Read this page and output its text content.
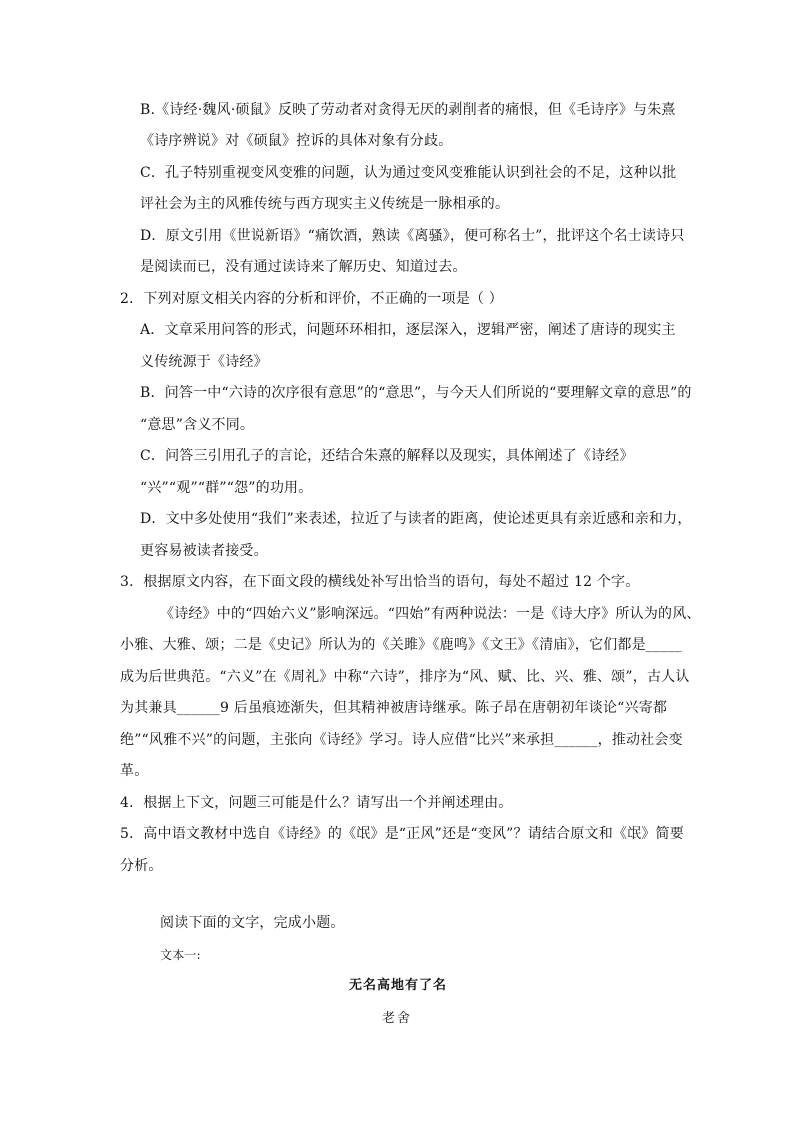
B.《诗经·魏风·硕鼠》反映了劳动者对贪得无厌的剥削者的痛恨，但《毛诗序》与朱熹
《诗序辨说》对《硕鼠》控诉的具体对象有分歧。
C．孔子特别重视变风变雅的问题，认为通过变风变雅能认识到社会的不足，这种以批
评社会为主的风雅传统与西方现实主义传统是一脉相承的。
D．原文引用《世说新语》“痛饮酒，熟读《离骚》，便可称名士”，批评这个名士读诗只
是阅读而已，没有通过读诗来了解历史、知道过去。
2．下列对原文相关内容的分析和评价，不正确的一项是（ ）
A．文章采用问答的形式，问题环环相扣，逐层深入，逻辑严密，阐述了唐诗的现实主
义传统源于《诗经》
B．问答一中“六诗的次序很有意思”的“意思”，与今天人们所说的“要理解文章的意思”的
“意思”含义不同。
C．问答三引用孔子的言论，还结合朱熹的解释以及现实，具体阐述了《诗经》
“兴”“观”“群”“怨”的功用。
D．文中多处使用“我们”来表述，拉近了与读者的距离，使论述更具有亲近感和亲和力，
更容易被读者接受。
3．根据原文内容，在下面文段的横线处补写出恰当的语句，每处不超过 12 个字。
《诗经》中的“四始六义”影响深远。“四始”有两种说法：一是《诗大序》所认为的风、
小雅、大雅、颂；二是《史记》所认为的《关雎》《鹿鸣》《文王》《清庙》，它们都是_____
成为后世典范。“六义”在《周礼》中称“六诗”，排序为“风、赋、比、兴、雅、颂”，古人认
为其兼具______9 后虽痕迹渐失，但其精神被唐诗继承。陈子昂在唐朝初年谈论“兴寄都
绝”“风雅不兴”的问题，主张向《诗经》学习。诗人应借“比兴”来承担______，推动社会变
革。
4．根据上下文，问题三可能是什么？请写出一个并阐述理由。
5．高中语文教材中选自《诗经》的《氓》是“正风”还是“变风”？请结合原文和《氓》简要
分析。
阅读下面的文字，完成小题。
文本一:
无名高地有了名
老舍
